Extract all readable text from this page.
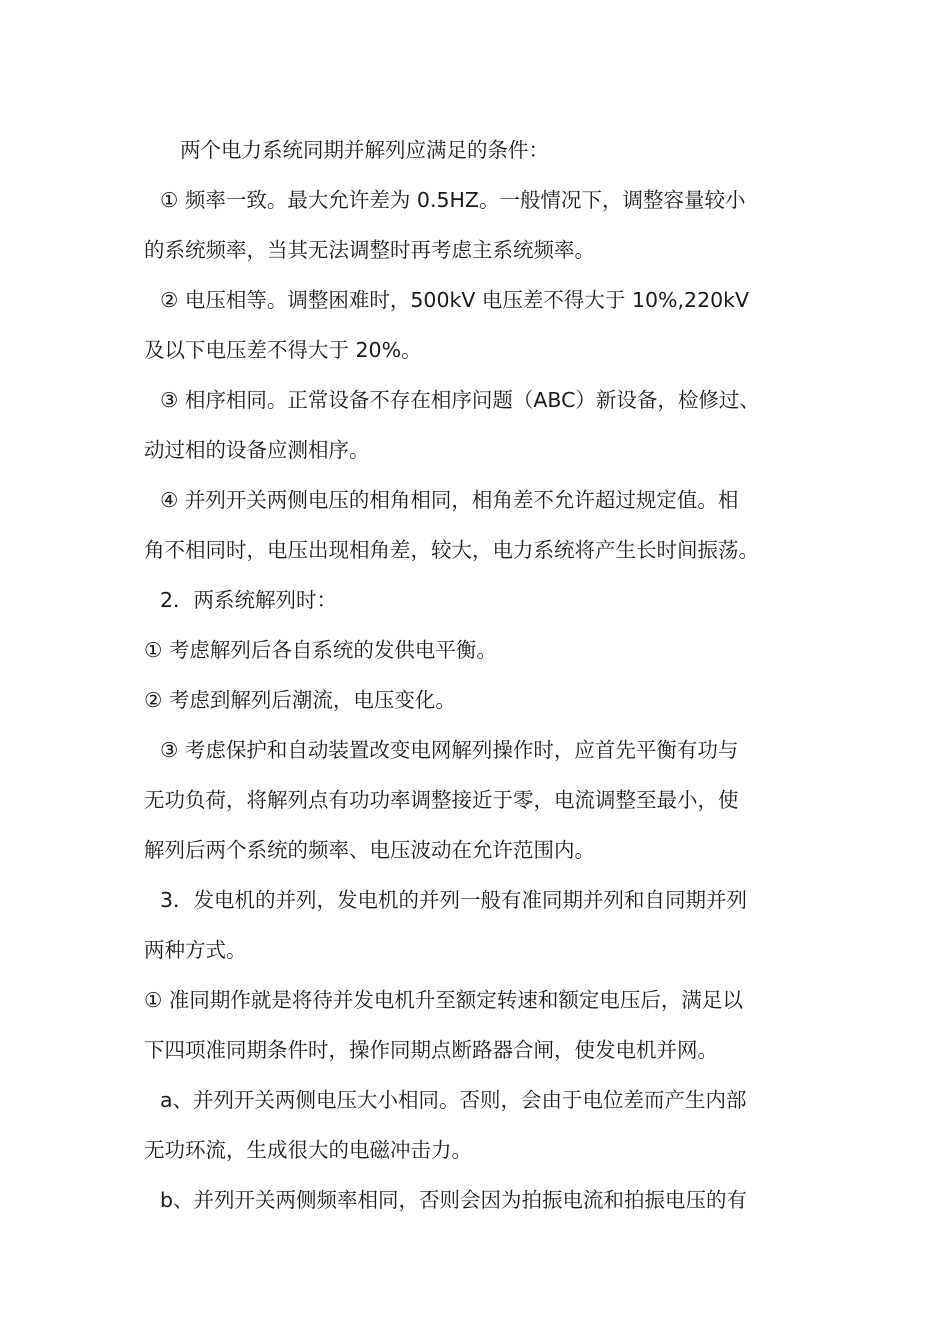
两个电力系统同期并解列应满足的条件：
① 频率一致。最大允许差为 0.5HZ。一般情况下，调整容量较小
的系统频率，当其无法调整时再考虑主系统频率。
② 电压相等。调整困难时，500kV 电压差不得大于 10%,220kV
及以下电压差不得大于 20%。
③ 相序相同。正常设备不存在相序问题（ABC）新设备，检修过、
动过相的设备应测相序。
④ 并列开关两侧电压的相角相同，相角差不允许超过规定值。相
角不相同时，电压出现相角差，较大，电力系统将产生长时间振荡。
2．两系统解列时：
① 考虑解列后各自系统的发供电平衡。
② 考虑到解列后潮流，电压变化。
③ 考虑保护和自动装置改变电网解列操作时，应首先平衡有功与
无功负荷，将解列点有功功率调整接近于零，电流调整至最小，使
解列后两个系统的频率、电压波动在允许范围内。
3．发电机的并列，发电机的并列一般有准同期并列和自同期并列
两种方式。
① 准同期作就是将待并发电机升至额定转速和额定电压后，满足以
下四项准同期条件时，操作同期点断路器合闸，使发电机并网。
a、并列开关两侧电压大小相同。否则，会由于电位差而产生内部
无功环流，生成很大的电磁冲击力。
b、并列开关两侧频率相同，否则会因为拍振电流和拍振电压的有
